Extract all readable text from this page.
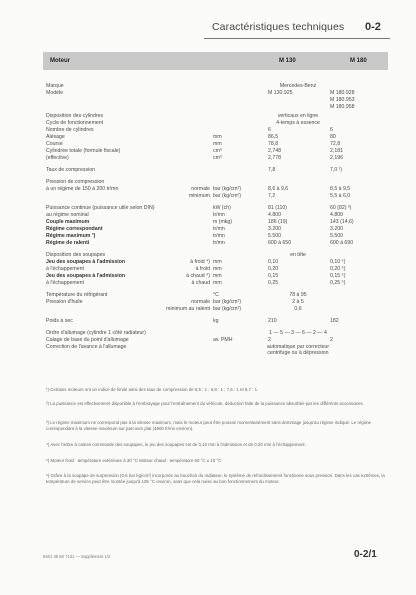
Caractéristiques techniques 0-2
Moteur	M 130	M 180
Marque	Mercedes-Benz
Modèle	M 130.925	M 180.928
M 180.953
M 180.958
Disposition des cylindres	verticaux en ligne
Cycle de fonctionnement	4-temps à essence
Nombre de cylindres	6	6
Alésage	mm	86,5	80
Course	mm	78,8	72,8
Cylindrée totale (formule fiscale)	cm³	2,748	2,181
(effective)	cm³	2,778	2,196
Taux de compression	7,8	7,0 ¹)
Pression de compression
à un régime de 150 à 200 tr/mn	normale bar (kg/cm²)	8,6 à 9,6	8,5 à 9,5
minimum bar (kg/cm²)	7,2	5,5 à 6,0
Puissance continue (puissance utile selon DIN)	kW (ch)	81 (110)	60 (82) ²)
au régime nominal	tr/mn	4.800	4.800
Couple maximum	m (mkg)	186 (19)	143 (14,6)
Régime correspondant	tr/mn	3.200	3.200
Régime maximum ³)	tr/mn	5.500	5.500
Régime de ralenti	tr/mn	600 à 650	600 à 690
Disposition des soupapes	en tête
Jeu des soupapes à l'admission	à froid ⁴) mm	0,10	0,10 ⁵)
à l'échappement	à froid mm	0,20	0,20 ⁵)
Jeu des soupapes à l'admission	à chaud ⁴) mm	0,15	0,15 ⁵)
à l'échappement	à chaud mm	0,25	0,25 ⁵)
Température du réfrigérant	°C	78 à 95
Pression d'huile	normale bar (kg/cm²)	2 à 5
minimum au ralenti bar (kg/cm²)	0,6
Poids à sec	kg	210	182
Ordre d'allumage (cylindre 1 côté radiateur)	1 — 5 — 3 — 6 — 2 — 4
Calage de base du point d'allumage	av. PMH	2	2
Correction de l'avance à l'allumage	automatique par correcteur
centrifuge ou à dépression
¹) Certains moteurs ont un indice de limite ainsi des taux de compression de 6,5 : 1 ; 6,8 : 1 ; 7,6 : 1 et 8,7 : 1.
²) La puissance est effectivement disponible à l'embrayage pour l'entraînement du véhicule, déduction faite de la puissance absorbée par les différents accessoires.
³) Le régime maximum ne correspond pas à la vitesse maximum, mais le moteur peut être poussé momentanément sans dommage jusqu'au régime indiqué. Le régime correspondant à la vitesse maximum sur parcours plat (4800 tr/mn environ).
⁴) Avec l'arbre à cames commande des soupapes, le jeu des soupapes est de 0,12 mm à l'admission et de 0,20 mm à l'échappement.
⁵) Moteur froid : température extérieure à 30 °C Moteur chaud : température 60 °C ± 10 °C
⁶) Grâce à la soupape de surpression (0,6 bar kg/cm²) incorporée au bouchon du radiateur, le système de refroidissement fonctionne sous pression. Dans les cas extrêmes, la température de service peut être montée jusqu'à 105 °C environ, sans que cela nuise au bon fonctionnement du moteur.
6401 36 80 7131 — Supplément 1/2	0-2/1
